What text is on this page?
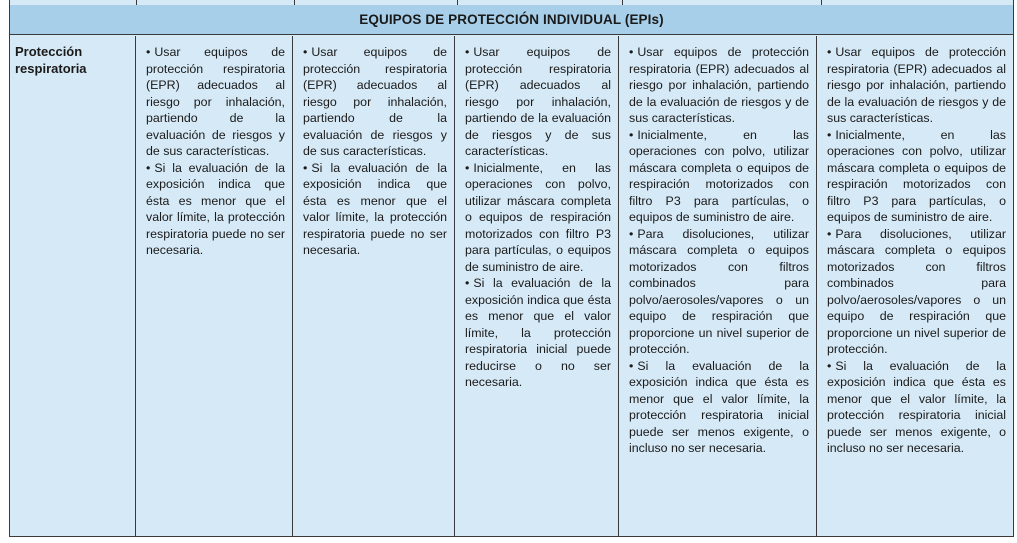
EQUIPOS DE PROTECCIÓN INDIVIDUAL (EPIs)
Protección respiratoria
• Usar equipos de protección respiratoria (EPR) adecuados al riesgo por inhalación, partiendo de la evaluación de riesgos y de sus características.
• Si la evaluación de la exposición indica que ésta es menor que el valor límite, la protección respiratoria puede no ser necesaria.
• Usar equipos de protección respiratoria (EPR) adecuados al riesgo por inhalación, partiendo de la evaluación de riesgos y de sus características.
• Si la evaluación de la exposición indica que ésta es menor que el valor límite, la protección respiratoria puede no ser necesaria.
• Usar equipos de protección respiratoria (EPR) adecuados al riesgo por inhalación, partiendo de la evaluación de riesgos y de sus características.
• Inicialmente, en las operaciones con polvo, utilizar máscara completa o equipos de respiración motorizados con filtro P3 para partículas, o equipos de suministro de aire.
• Si la evaluación de la exposición indica que ésta es menor que el valor límite, la protección respiratoria inicial puede reducirse o no ser necesaria.
• Usar equipos de protección respiratoria (EPR) adecuados al riesgo por inhalación, partiendo de la evaluación de riesgos y de sus características.
• Inicialmente, en las operaciones con polvo, utilizar máscara completa o equipos de respiración motorizados con filtro P3 para partículas, o equipos de suministro de aire.
• Para disoluciones, utilizar máscara completa o equipos motorizados con filtros combinados para polvo/aerosoles/vapores o un equipo de respiración que proporcione un nivel superior de protección.
• Si la evaluación de la exposición indica que ésta es menor que el valor límite, la protección respiratoria inicial puede ser menos exigente, o incluso no ser necesaria.
• Usar equipos de protección respiratoria (EPR) adecuados al riesgo por inhalación, partiendo de la evaluación de riesgos y de sus características.
• Inicialmente, en las operaciones con polvo, utilizar máscara completa o equipos de respiración motorizados con filtro P3 para partículas, o equipos de suministro de aire.
• Para disoluciones, utilizar máscara completa o equipos motorizados con filtros combinados para polvo/aerosoles/vapores o un equipo de respiración que proporcione un nivel superior de protección.
• Si la evaluación de la exposición indica que ésta es menor que el valor límite, la protección respiratoria inicial puede ser menos exigente, o incluso no ser necesaria.
